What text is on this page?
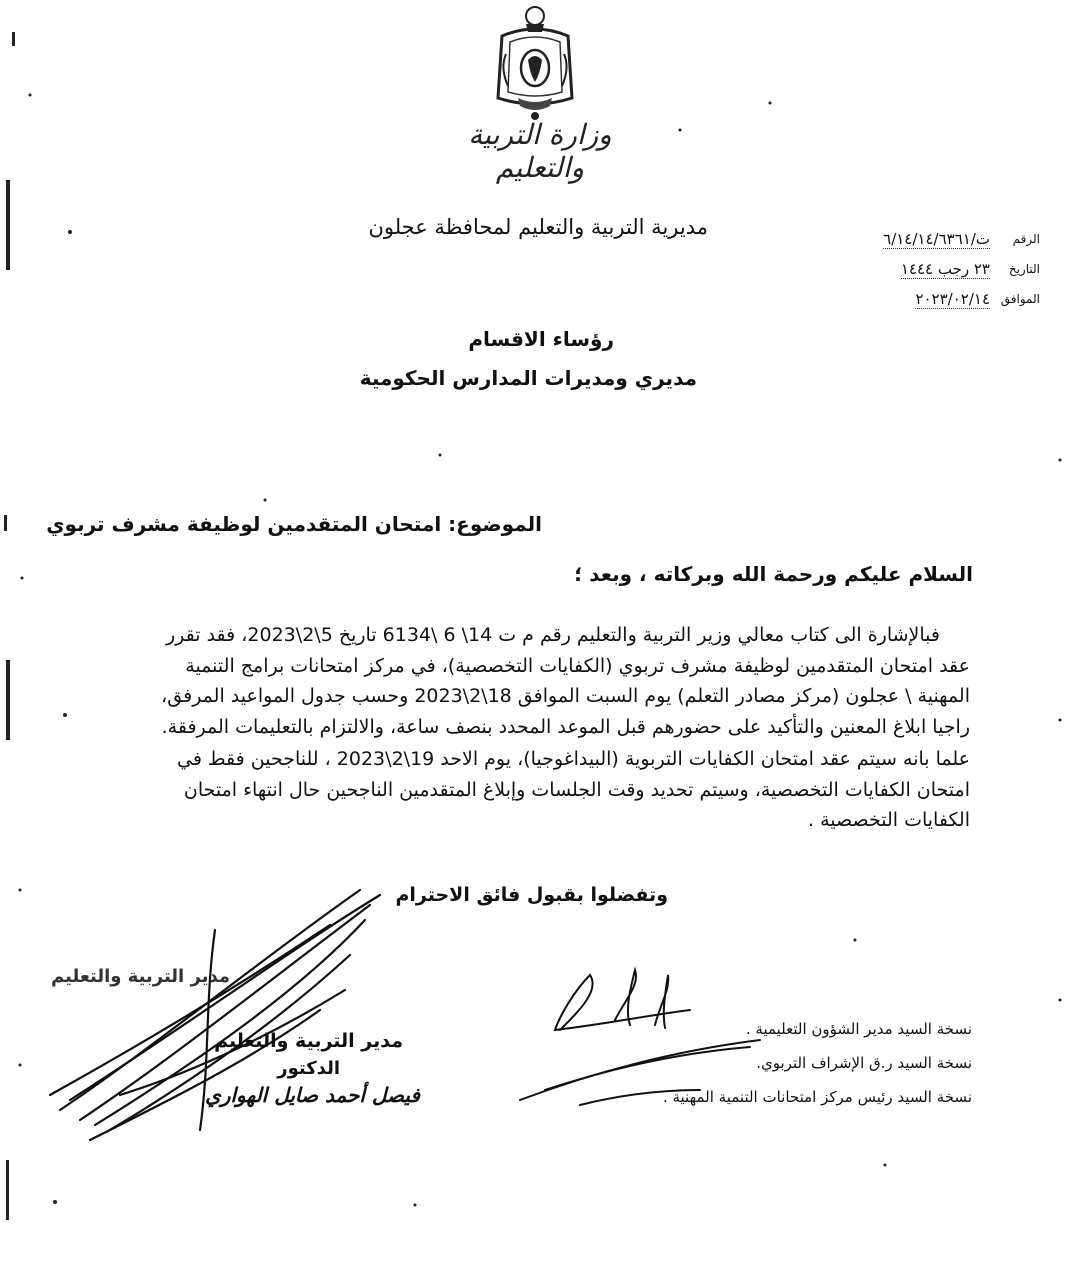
وزارة التربية والتعليم
مديرية التربية والتعليم لمحافظة عجلون	الرقم
ت/٦/١٤/١٤/٦٣٦١
التاريخ
٢٣ رجب ١٤٤٤
الموافق
٢٠٢٣/٠٢/١٤
رؤساء الاقسام
مديري ومديرات المدارس الحكومية
الموضوع: امتحان المتقدمين لوظيفة مشرف تربوي
السلام عليكم ورحمة الله وبركاته ، وبعد ؛

فبالإشارة الى كتاب معالي وزير التربية والتعليم رقم م ت 14\ 6 \6134 تاريخ 5\2\2023، فقد تقرر عقد امتحان المتقدمين لوظيفة مشرف تربوي (الكفايات التخصصية)، في مركز امتحانات برامج التنمية المهنية \ عجلون (مركز مصادر التعلم) يوم السبت الموافق 18\2\2023 وحسب جدول المواعيد المرفق، راجيا ابلاغ المعنين والتأكيد على حضورهم قبل الموعد المحدد بنصف ساعة، والالتزام بالتعليمات المرفقة.

علما بانه سيتم عقد امتحان الكفايات التربوية (البيداغوجيا)، يوم الاحد 19\2\2023 ، للناجحين فقط في امتحان الكفايات التخصصية، وسيتم تحديد وقت الجلسات وإبلاغ المتقدمين الناجحين حال انتهاء امتحان الكفايات التخصصية .

وتفضلوا بقبول فائق الاحترام
نسخة السيد مدير الشؤون التعليمية .
نسخة السيد ر.ق الإشراف التربوي.
نسخة السيد رئيس مركز امتحانات التنمية المهنية .
مدير التربية والتعليم
مدير التربية والتعليم
الدكتور
فيصل أحمد صايل الهواري
